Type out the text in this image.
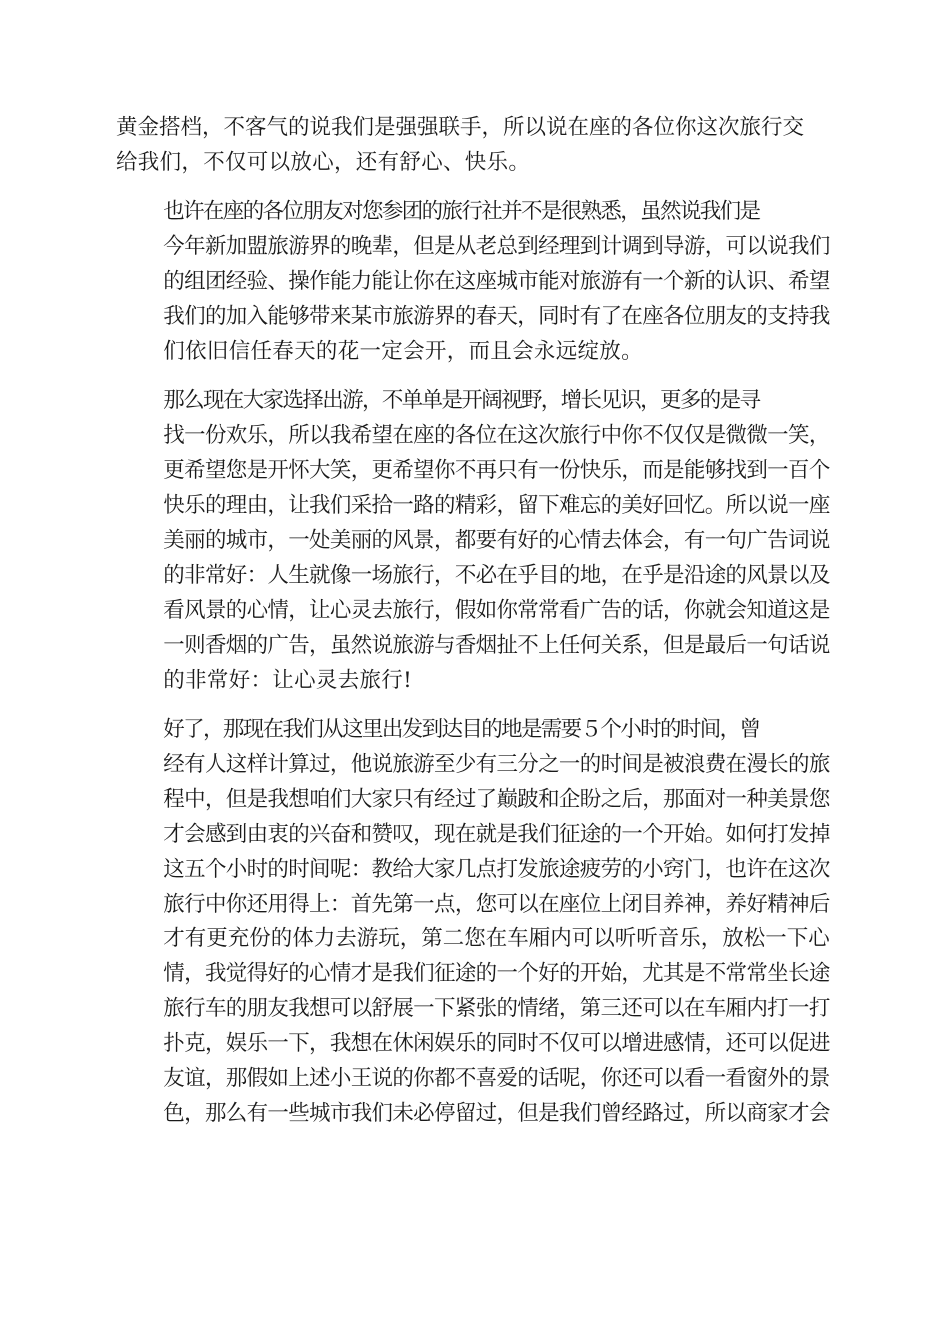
黄金搭档，不客气的说我们是强强联手，所以说在座的各位你这次旅行交
给我们，不仅可以放心，还有舒心、快乐。
也许在座的各位朋友对您参团的旅行社并不是很熟悉，虽然说我们是
今年新加盟旅游界的晚辈，但是从老总到经理到计调到导游，可以说我们
的组团经验、操作能力能让你在这座城市能对旅游有一个新的认识、希望
我们的加入能够带来某市旅游界的春天，同时有了在座各位朋友的支持我
们依旧信任春天的花一定会开，而且会永远绽放。
那么现在大家选择出游，不单单是开阔视野，增长见识，更多的是寻
找一份欢乐，所以我希望在座的各位在这次旅行中你不仅仅是微微一笑，
更希望您是开怀大笑，更希望你不再只有一份快乐，而是能够找到一百个
快乐的理由，让我们采拾一路的精彩，留下难忘的美好回忆。所以说一座
美丽的城市，一处美丽的风景，都要有好的心情去体会，有一句广告词说
的非常好：人生就像一场旅行，不必在乎目的地，在乎是沿途的风景以及
看风景的心情，让心灵去旅行，假如你常常看广告的话，你就会知道这是
一则香烟的广告，虽然说旅游与香烟扯不上任何关系，但是最后一句话说
的非常好：让心灵去旅行!
好了，那现在我们从这里出发到达目的地是需要５个小时的时间，曾
经有人这样计算过，他说旅游至少有三分之一的时间是被浪费在漫长的旅
程中，但是我想咱们大家只有经过了巅跛和企盼之后，那面对一种美景您
才会感到由衷的兴奋和赞叹，现在就是我们征途的一个开始。如何打发掉
这五个小时的时间呢：教给大家几点打发旅途疲劳的小窍门，也许在这次
旅行中你还用得上：首先第一点，您可以在座位上闭目养神，养好精神后
才有更充份的体力去游玩，第二您在车厢内可以听听音乐，放松一下心
情，我觉得好的心情才是我们征途的一个好的开始，尤其是不常常坐长途
旅行车的朋友我想可以舒展一下紧张的情绪，第三还可以在车厢内打一打
扑克，娱乐一下，我想在休闲娱乐的同时不仅可以增进感情，还可以促进
友谊，那假如上述小王说的你都不喜爱的话呢，你还可以看一看窗外的景
色，那么有一些城市我们未必停留过，但是我们曾经路过，所以商家才会
